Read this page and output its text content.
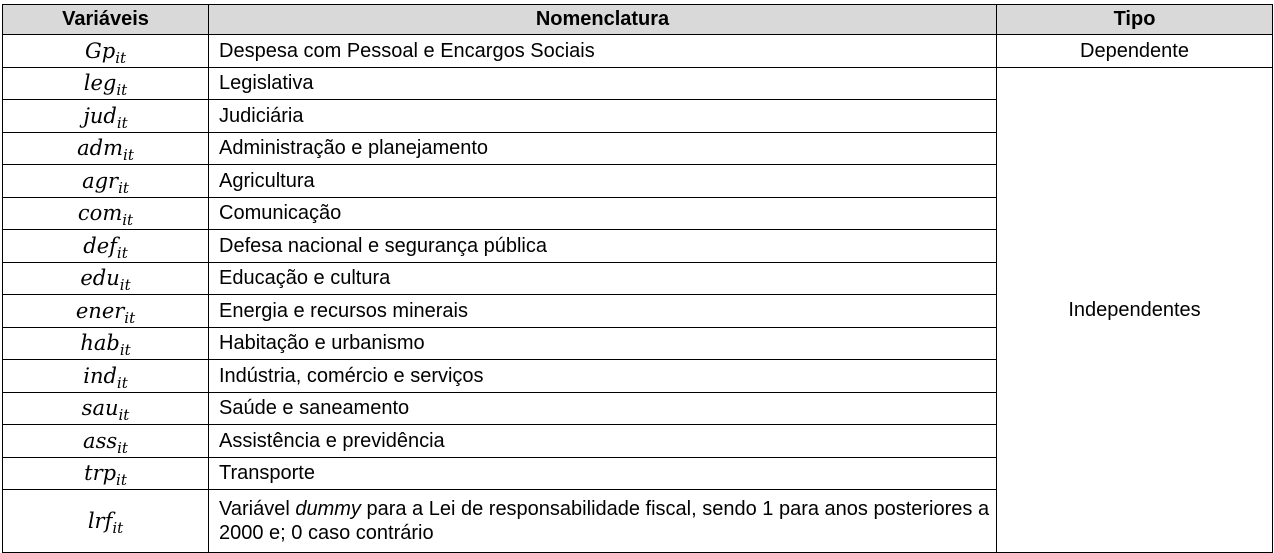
Variáveis	Nomenclatura	Tipo
$Gp_{it}$	Despesa com Pessoal e Encargos Sociais	Dependente
leg$_{it}$	Legislativa	Independentes
jud$_{it}$	Judiciária	
adm$_{it}$	Administração e planejamento	
agr$_{it}$	Agricultura	
com$_{it}$	Comunicação	
def$_{it}$	Defesa nacional e segurança pública	
edu$_{it}$	Educação e cultura	
ener$_{it}$	Energia e recursos minerais	
hab$_{it}$	Habitação e urbanismo	
ind$_{it}$	Indústria, comércio e serviços	
sau$_{it}$	Saúde e saneamento	
ass$_{it}$	Assistência e previdência	
trp$_{it}$	Transporte	
lrf$_{it}$	Variável dummy para a Lei de responsabilidade fiscal, sendo 1 para anos posteriores a 2000 e; 0 caso contrário	
